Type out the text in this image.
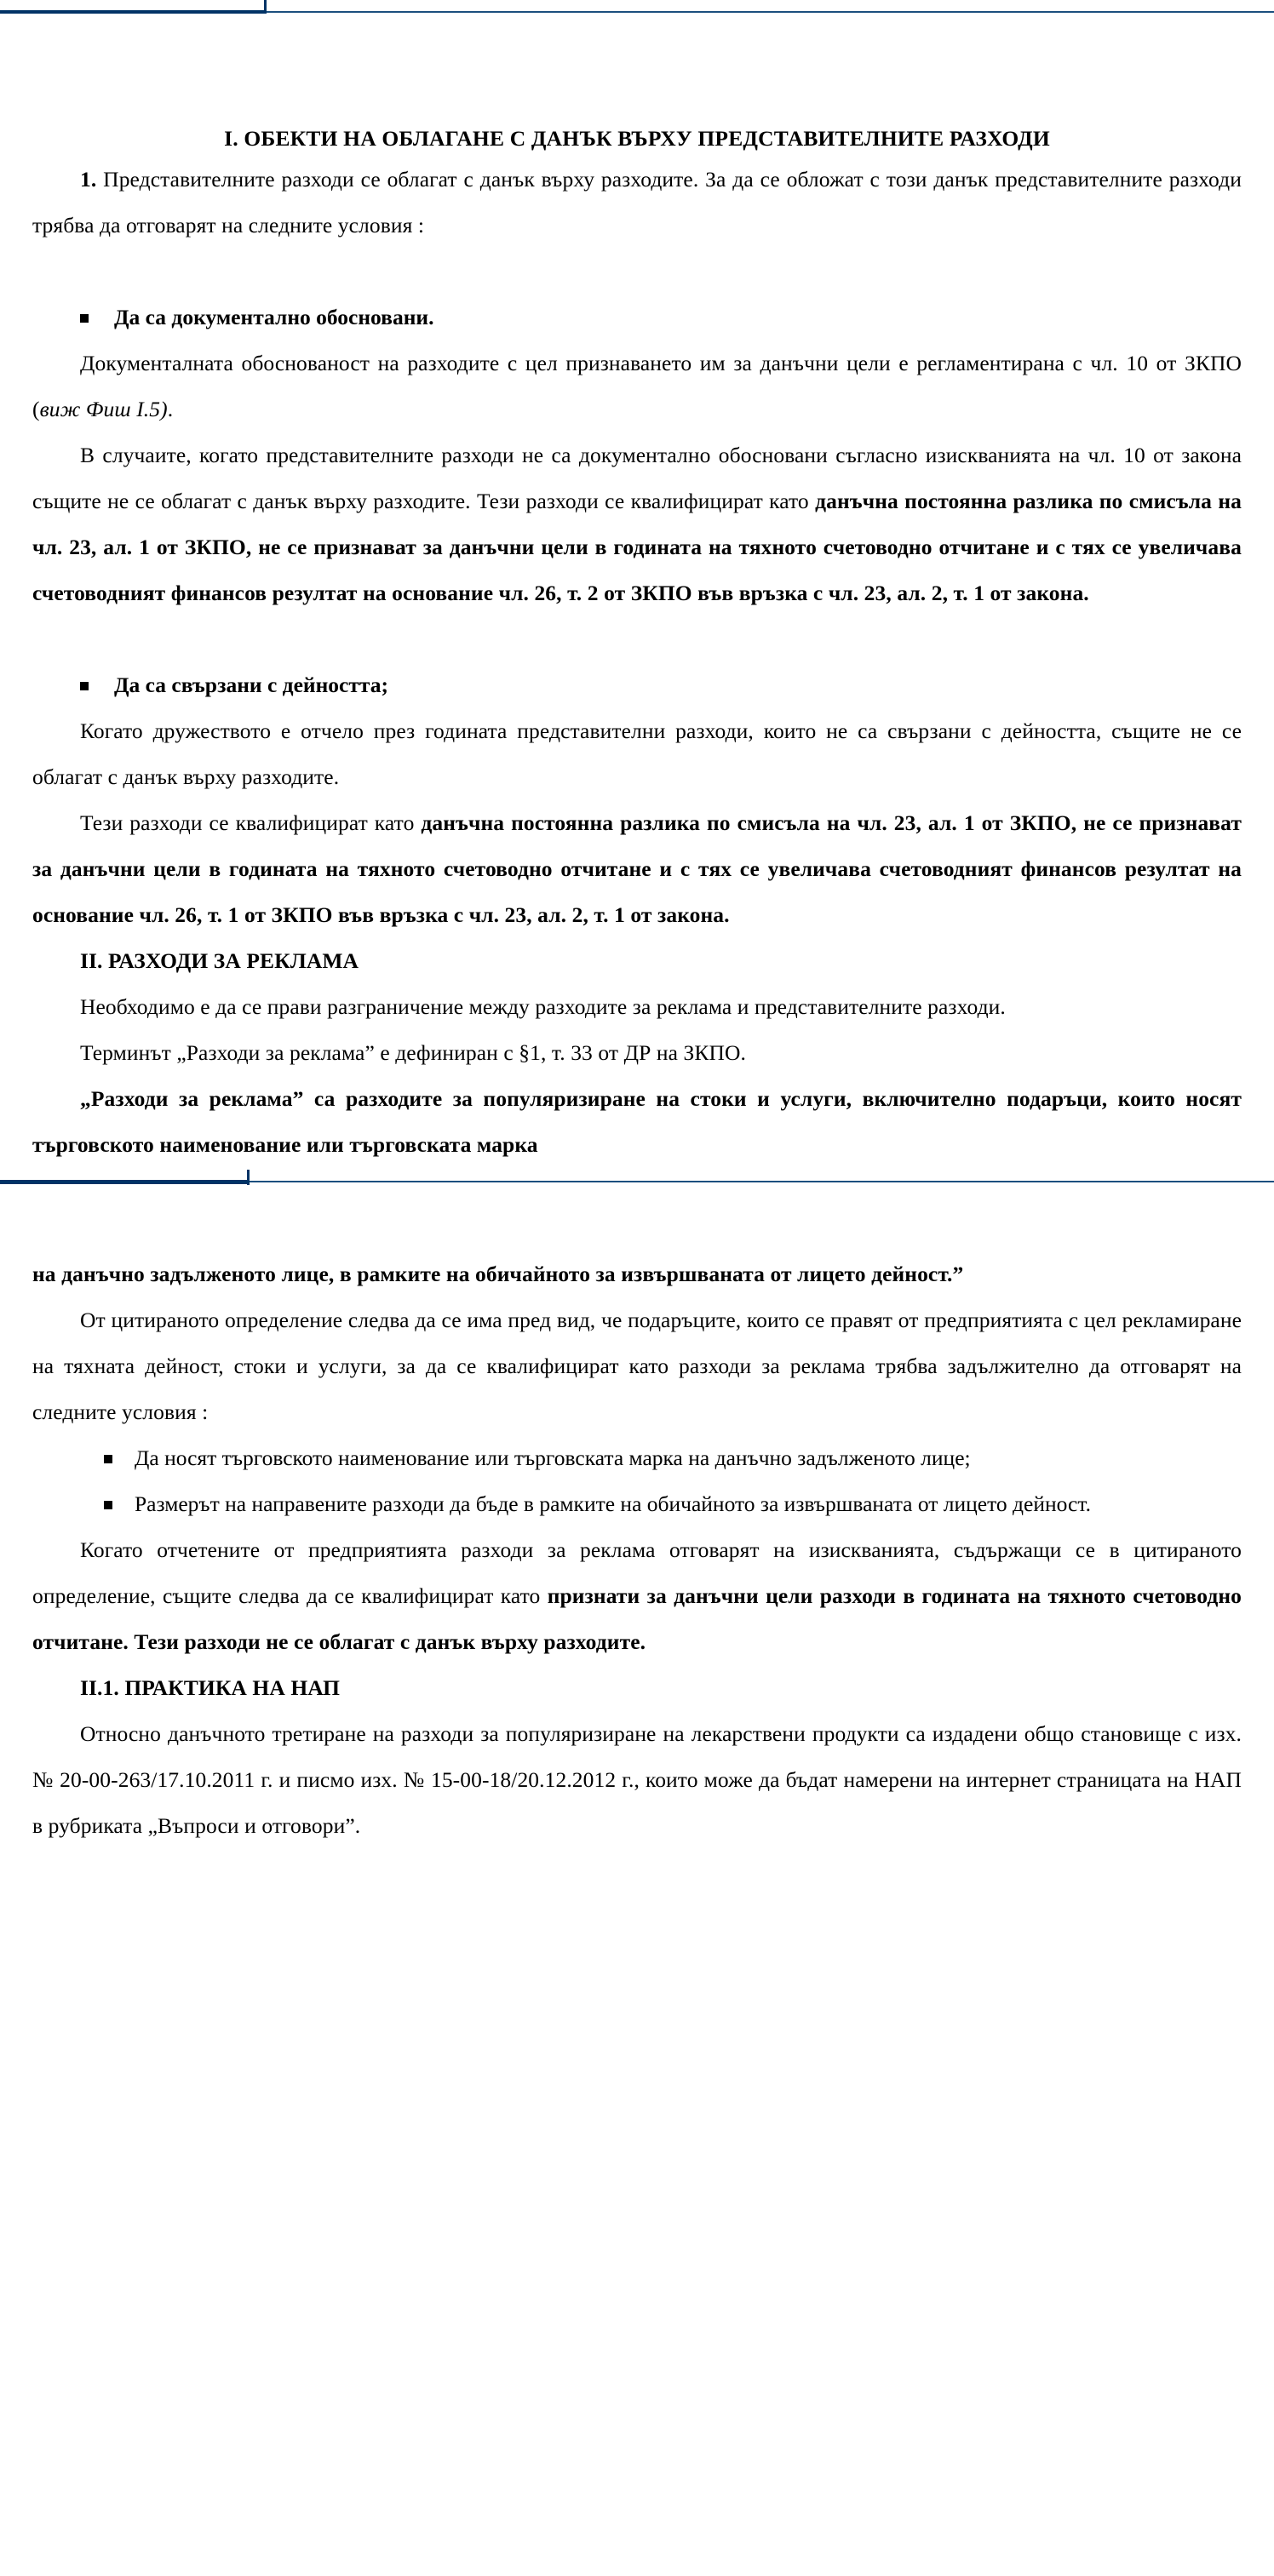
I. ОБЕКТИ НА ОБЛАГАНЕ С ДАНЪК ВЪРХУ ПРЕДСТАВИТЕЛНИТЕ РАЗХОДИ

1. Представителните разходи се облагат с данък върху разходите. За да се обложат с този данък представителните разходи трябва да отговарят на следните условия :

Да са документално обосновани.

Документалната обоснованост на разходите с цел признаването им за данъчни цели е регламентирана с чл. 10 от ЗКПО (виж Фиш I.5).

В случаите, когато представителните разходи не са документално обосновани съгласно изискванията на чл. 10 от закона същите не се облагат с данък върху разходите. Тези разходи се квалифицират като данъчна постоянна разлика по смисъла на чл. 23, ал. 1 от ЗКПО, не се признават за данъчни цели в годината на тяхното счетоводно отчитане и с тях се увеличава счетоводният финансов резултат на основание чл. 26, т. 2 от ЗКПО във връзка с чл. 23, ал. 2, т. 1 от закона.

Да са свързани с дейността;

Когато дружеството е отчело през годината представителни разходи, които не са свързани с дейността, същите не се облагат с данък върху разходите.

Тези разходи се квалифицират като данъчна постоянна разлика по смисъла на чл. 23, ал. 1 от ЗКПО, не се признават за данъчни цели в годината на тяхното счетоводно отчитане и с тях се увеличава счетоводният финансов резултат на основание чл. 26, т. 1 от ЗКПО във връзка с чл. 23, ал. 2, т. 1 от закона.

II. РАЗХОДИ ЗА РЕКЛАМА

Необходимо е да се прави разграничение между разходите за реклама и представителните разходи.

Терминът „Разходи за реклама” е дефиниран с §1, т. 33 от ДР на ЗКПО.

„Разходи за реклама” са разходите за популяризиране на стоки и услуги, включително подаръци, които носят търговското наименование или търговската марка

на данъчно задълженото лице, в рамките на обичайното за извършваната от лицето дейност.”

От цитираното определение следва да се има пред вид, че подаръците, които се правят от предприятията с цел рекламиране на тяхната дейност, стоки и услуги, за да се квалифицират като разходи за реклама трябва задължително да отговарят на следните условия :

Да носят търговското наименование или търговската марка на данъчно задълженото лице;
Размерът на направените разходи да бъде в рамките на обичайното за извършваната от лицето дейност.

Когато отчетените от предприятията разходи за реклама отговарят на изискванията, съдържащи се в цитираното определение, същите следва да се квалифицират като признати за данъчни цели разходи в годината на тяхното счетоводно отчитане. Тези разходи не се облагат с данък върху разходите.

II.1. ПРАКТИКА НА НАП

Относно данъчното третиране на разходи за популяризиране на лекарствени продукти са издадени общо становище с изх. № 20-00-263/17.10.2011 г. и писмо изх. № 15-00-18/20.12.2012 г., които може да бъдат намерени на интернет страницата на НАП в рубриката „Въпроси и отговори”.
